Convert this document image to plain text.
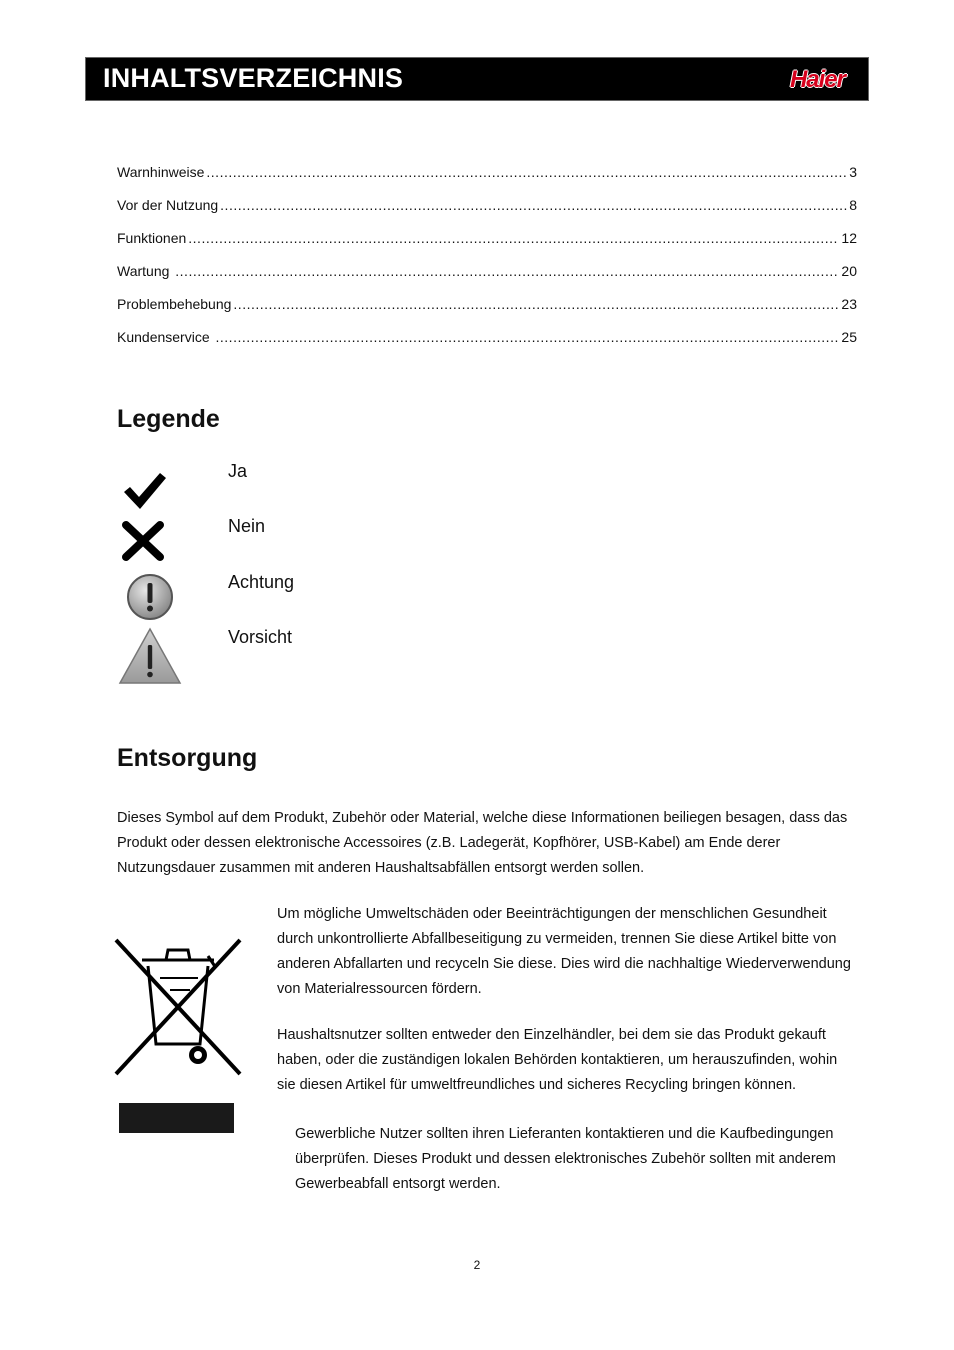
INHALTSVERZEICHNIS	Haier
Warnhinweise .....	3
Vor der Nutzung .....	8
Funktionen .....	12
Wartung .....	20
Problembehebung .....	23
Kundenservice .....	25
Legende
Ja
Nein
Achtung
Vorsicht
Entsorgung

Dieses Symbol auf dem Produkt, Zubehör oder Material, welche diese Informationen beiliegen besagen, dass das Produkt oder dessen elektronische Accessoires (z.B. Ladegerät, Kopfhörer, USB-Kabel) am Ende derer Nutzungsdauer zusammen mit anderen Haushaltsabfällen entsorgt werden sollen.

Um mögliche Umweltschäden oder Beeinträchtigungen der menschlichen Gesundheit durch unkontrollierte Abfallbeseitigung zu vermeiden, trennen Sie diese Artikel bitte von anderen Abfallarten und recyceln Sie diese. Dies wird die nachhaltige Wiederverwendung von Materialressourcen fördern.

Haushaltsnutzer sollten entweder den Einzelhändler, bei dem sie das Produkt gekauft haben, oder die zuständigen lokalen Behörden kontaktieren, um herauszufinden, wohin sie diesen Artikel für umweltfreundliches und sicheres Recycling bringen können.

Gewerbliche Nutzer sollten ihren Lieferanten kontaktieren und die Kaufbedingungen überprüfen. Dieses Produkt und dessen elektronisches Zubehör sollten mit anderem Gewerbeabfall entsorgt werden.

2
